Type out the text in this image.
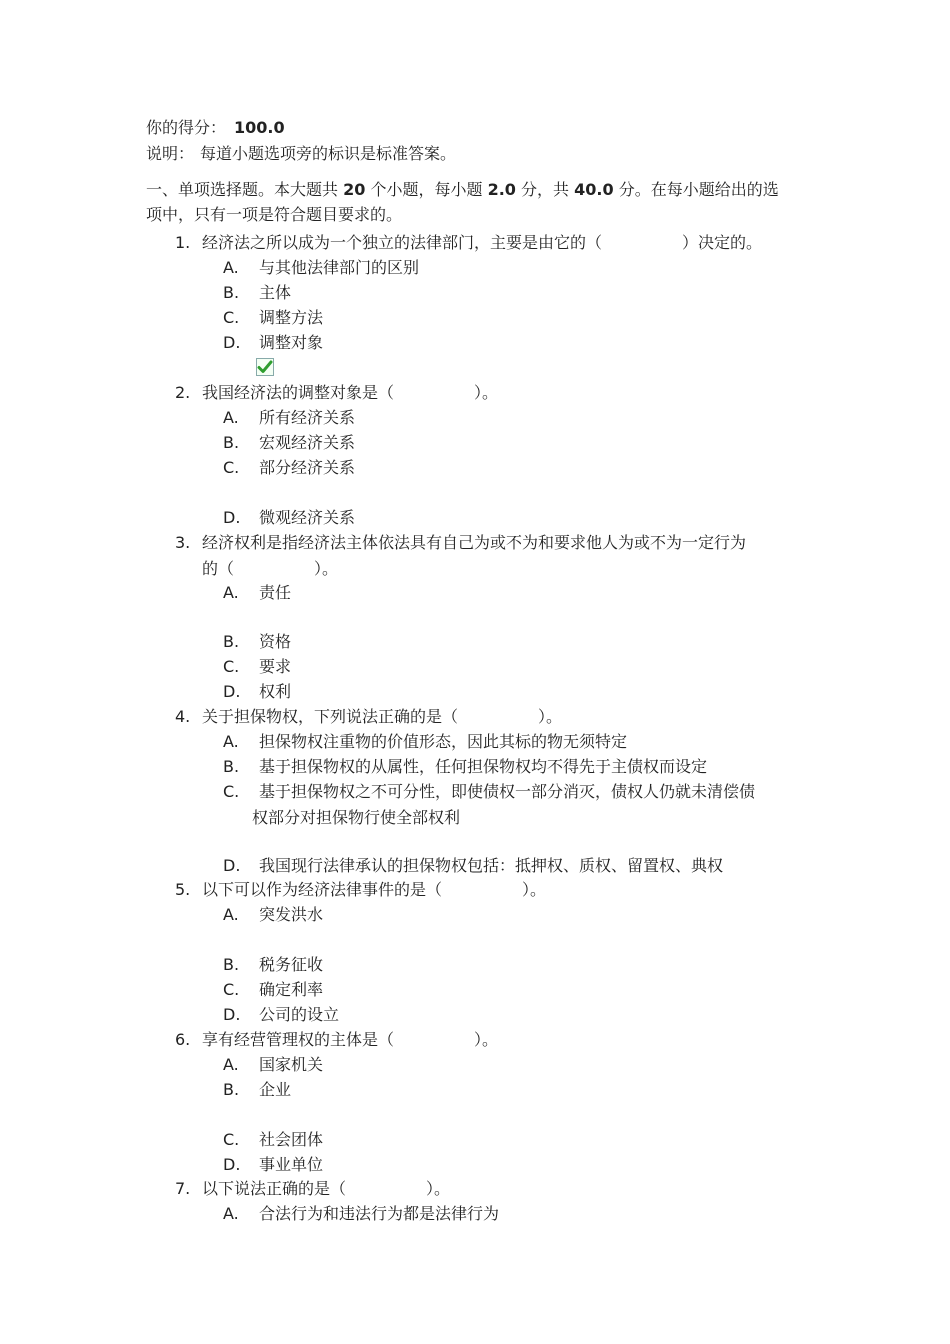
你的得分： 100.0
说明： 每道小题选项旁的标识是标准答案。
一、单项选择题。本大题共 20 个小题，每小题 2.0 分，共 40.0 分。在每小题给出的选
项中，只有一项是符合题目要求的。
1. 经济法之所以成为一个独立的法律部门，主要是由它的（　　　　　）决定的。
A. 与其他法律部门的区别
B. 主体
C. 调整方法
D. 调整对象
2. 我国经济法的调整对象是（　　　　　）。
A. 所有经济关系
B. 宏观经济关系
C. 部分经济关系
D. 微观经济关系
3. 经济权利是指经济法主体依法具有自己为或不为和要求他人为或不为一定行为
的（　　　　　）。
A. 责任
B. 资格
C. 要求
D. 权利
4. 关于担保物权，下列说法正确的是（　　　　　）。
A. 担保物权注重物的价值形态，因此其标的物无须特定
B. 基于担保物权的从属性，任何担保物权均不得先于主债权而设定
C. 基于担保物权之不可分性，即使债权一部分消灭，债权人仍就未清偿债
权部分对担保物行使全部权利
D. 我国现行法律承认的担保物权包括：抵押权、质权、留置权、典权
5. 以下可以作为经济法律事件的是（　　　　　）。
A. 突发洪水
B. 税务征收
C. 确定利率
D. 公司的设立
6. 享有经营管理权的主体是（　　　　　）。
A. 国家机关
B. 企业
C. 社会团体
D. 事业单位
7. 以下说法正确的是（　　　　　）。
A. 合法行为和违法行为都是法律行为
